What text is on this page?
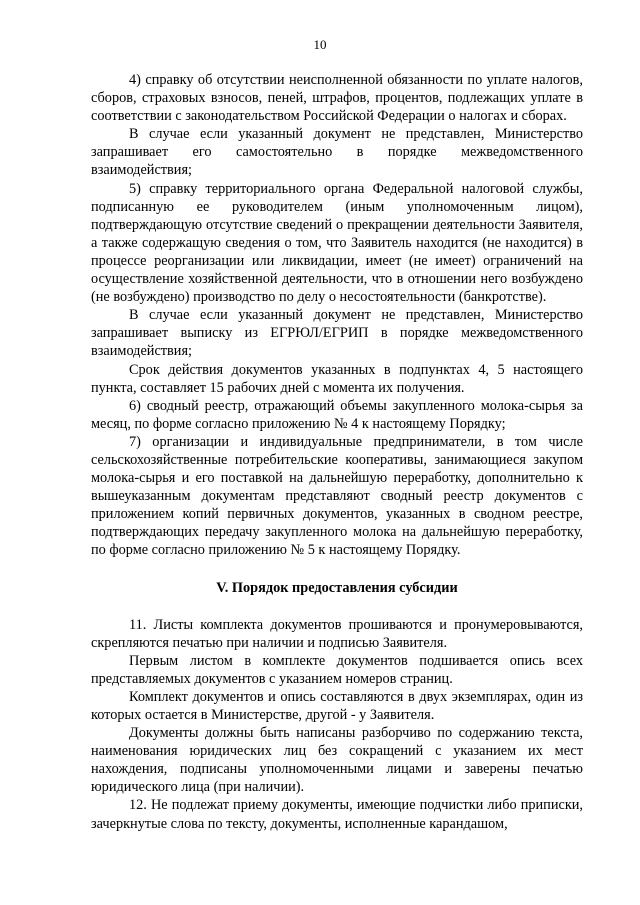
10

4) справку об отсутствии неисполненной обязанности по уплате налогов, сборов, страховых взносов, пеней, штрафов, процентов, подлежащих уплате в соответствии с законодательством Российской Федерации о налогах и сборах.

В случае если указанный документ не представлен, Министерство запрашивает его самостоятельно в порядке межведомственного взаимодействия;

5) справку территориального органа Федеральной налоговой службы, подписанную ее руководителем (иным уполномоченным лицом), подтверждающую отсутствие сведений о прекращении деятельности Заявителя, а также содержащую сведения о том, что Заявитель находится (не находится) в процессе реорганизации или ликвидации, имеет (не имеет) ограничений на осуществление хозяйственной деятельности, что в отношении него возбуждено (не возбуждено) производство по делу о несостоятельности (банкротстве).

В случае если указанный документ не представлен, Министерство запрашивает выписку из ЕГРЮЛ/ЕГРИП в порядке межведомственного взаимодействия;

Срок действия документов указанных в подпунктах 4, 5 настоящего пункта, составляет 15 рабочих дней с момента их получения.

6) сводный реестр, отражающий объемы закупленного молока-сырья за месяц, по форме согласно приложению № 4 к настоящему Порядку;

7) организации и индивидуальные предприниматели, в том числе сельскохозяйственные потребительские кооперативы, занимающиеся закупом молока-сырья и его поставкой на дальнейшую переработку, дополнительно к вышеуказанным документам представляют сводный реестр документов с приложением копий первичных документов, указанных в сводном реестре, подтверждающих передачу закупленного молока на дальнейшую переработку, по форме согласно приложению № 5 к настоящему Порядку.

V. Порядок предоставления субсидии

11. Листы комплекта документов прошиваются и пронумеровываются, скрепляются печатью при наличии и подписью Заявителя.

Первым листом в комплекте документов подшивается опись всех представляемых документов с указанием номеров страниц.

Комплект документов и опись составляются в двух экземплярах, один из которых остается в Министерстве, другой - у Заявителя.

Документы должны быть написаны разборчиво по содержанию текста, наименования юридических лиц без сокращений с указанием их мест нахождения, подписаны уполномоченными лицами и заверены печатью юридического лица (при наличии).

12. Не подлежат приему документы, имеющие подчистки либо приписки, зачеркнутые слова по тексту, документы, исполненные карандашом,
